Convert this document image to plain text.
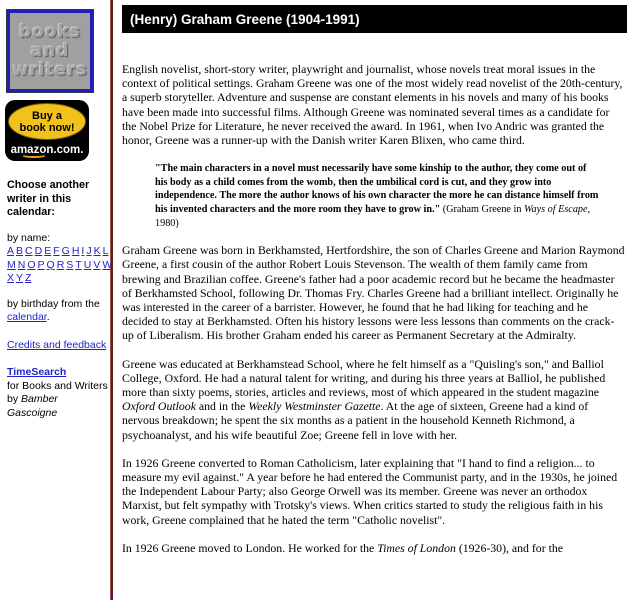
books
and
writers
Buy a
book now!
amazon.com.
Choose another writer in this calendar:
by name:
A B C D E F G H I J K L
M N O P Q R S T U V W
X Y Z
by birthday from the calendar.
Credits and feedback
TimeSearch
for Books and Writers
by Bamber Gascoigne
(Henry) Graham Greene (1904-1991)

English novelist, short-story writer, playwright and journalist, whose novels treat moral issues in the context of political settings. Graham Greene was one of the most widely read novelist of the 20th-century, a superb storyteller. Adventure and suspense are constant elements in his novels and many of his books have been made into successful films. Although Greene was nominated several times as a candidate for the Nobel Prize for Literature, he never received the award. In 1961, when Ivo Andric was granted the honor, Greene was a runner-up with the Danish writer Karen Blixen, who came third.

"The main characters in a novel must necessarily have some kinship to the author, they come out of his body as a child comes from the womb, then the umbilical cord is cut, and they grow into independence. The more the author knows of his own character the more he can distance himself from his invented characters and the more room they have to grow in." (Graham Greene in Ways of Escape, 1980)

Graham Greene was born in Berkhamsted, Hertfordshire, the son of Charles Greene and Marion Raymond Greene, a first cousin of the author Robert Louis Stevenson. The wealth of them family came from brewing and Brazilian coffee. Greene's father had a poor academic record but he became the headmaster of Berkhamsted School, following Dr. Thomas Fry. Charles Greene had a brilliant intellect. Originally he was interested in the career of a barrister. However, he found that he had liking for teaching and he decided to stay at Berkhamsted. Often his history lessons were less lessons than comments on the crack-up of Liberalism. His brother Graham ended his career as Permanent Secretary at the Admiralty.

Greene was educated at Berkhamstead School, where he felt himself as a "Quisling's son," and Balliol College, Oxford. He had a natural talent for writing, and during his three years at Balliol, he published more than sixty poems, stories, articles and reviews, most of which appeared in the student magazine Oxford Outlook and in the Weekly Westminster Gazette. At the age of sixteen, Greene had a kind of nervous breakdown; he spent the six months as a patient in the household Kenneth Richmond, a psychoanalyst, and his wife beautiful Zoe; Greene fell in love with her.

In 1926 Greene converted to Roman Catholicism, later explaining that "I hand to find a religion... to measure my evil against." A year before he had entered the Communist party, and in the 1930s, he joined the Independent Labour Party; also George Orwell was its member. Greene was never an orthodox Marxist, but felt sympathy with Trotsky's views. When critics started to study the religious faith in his work, Greene complained that he hated the term "Catholic novelist".

In 1926 Greene moved to London. He worked for the Times of London (1926-30), and for the
